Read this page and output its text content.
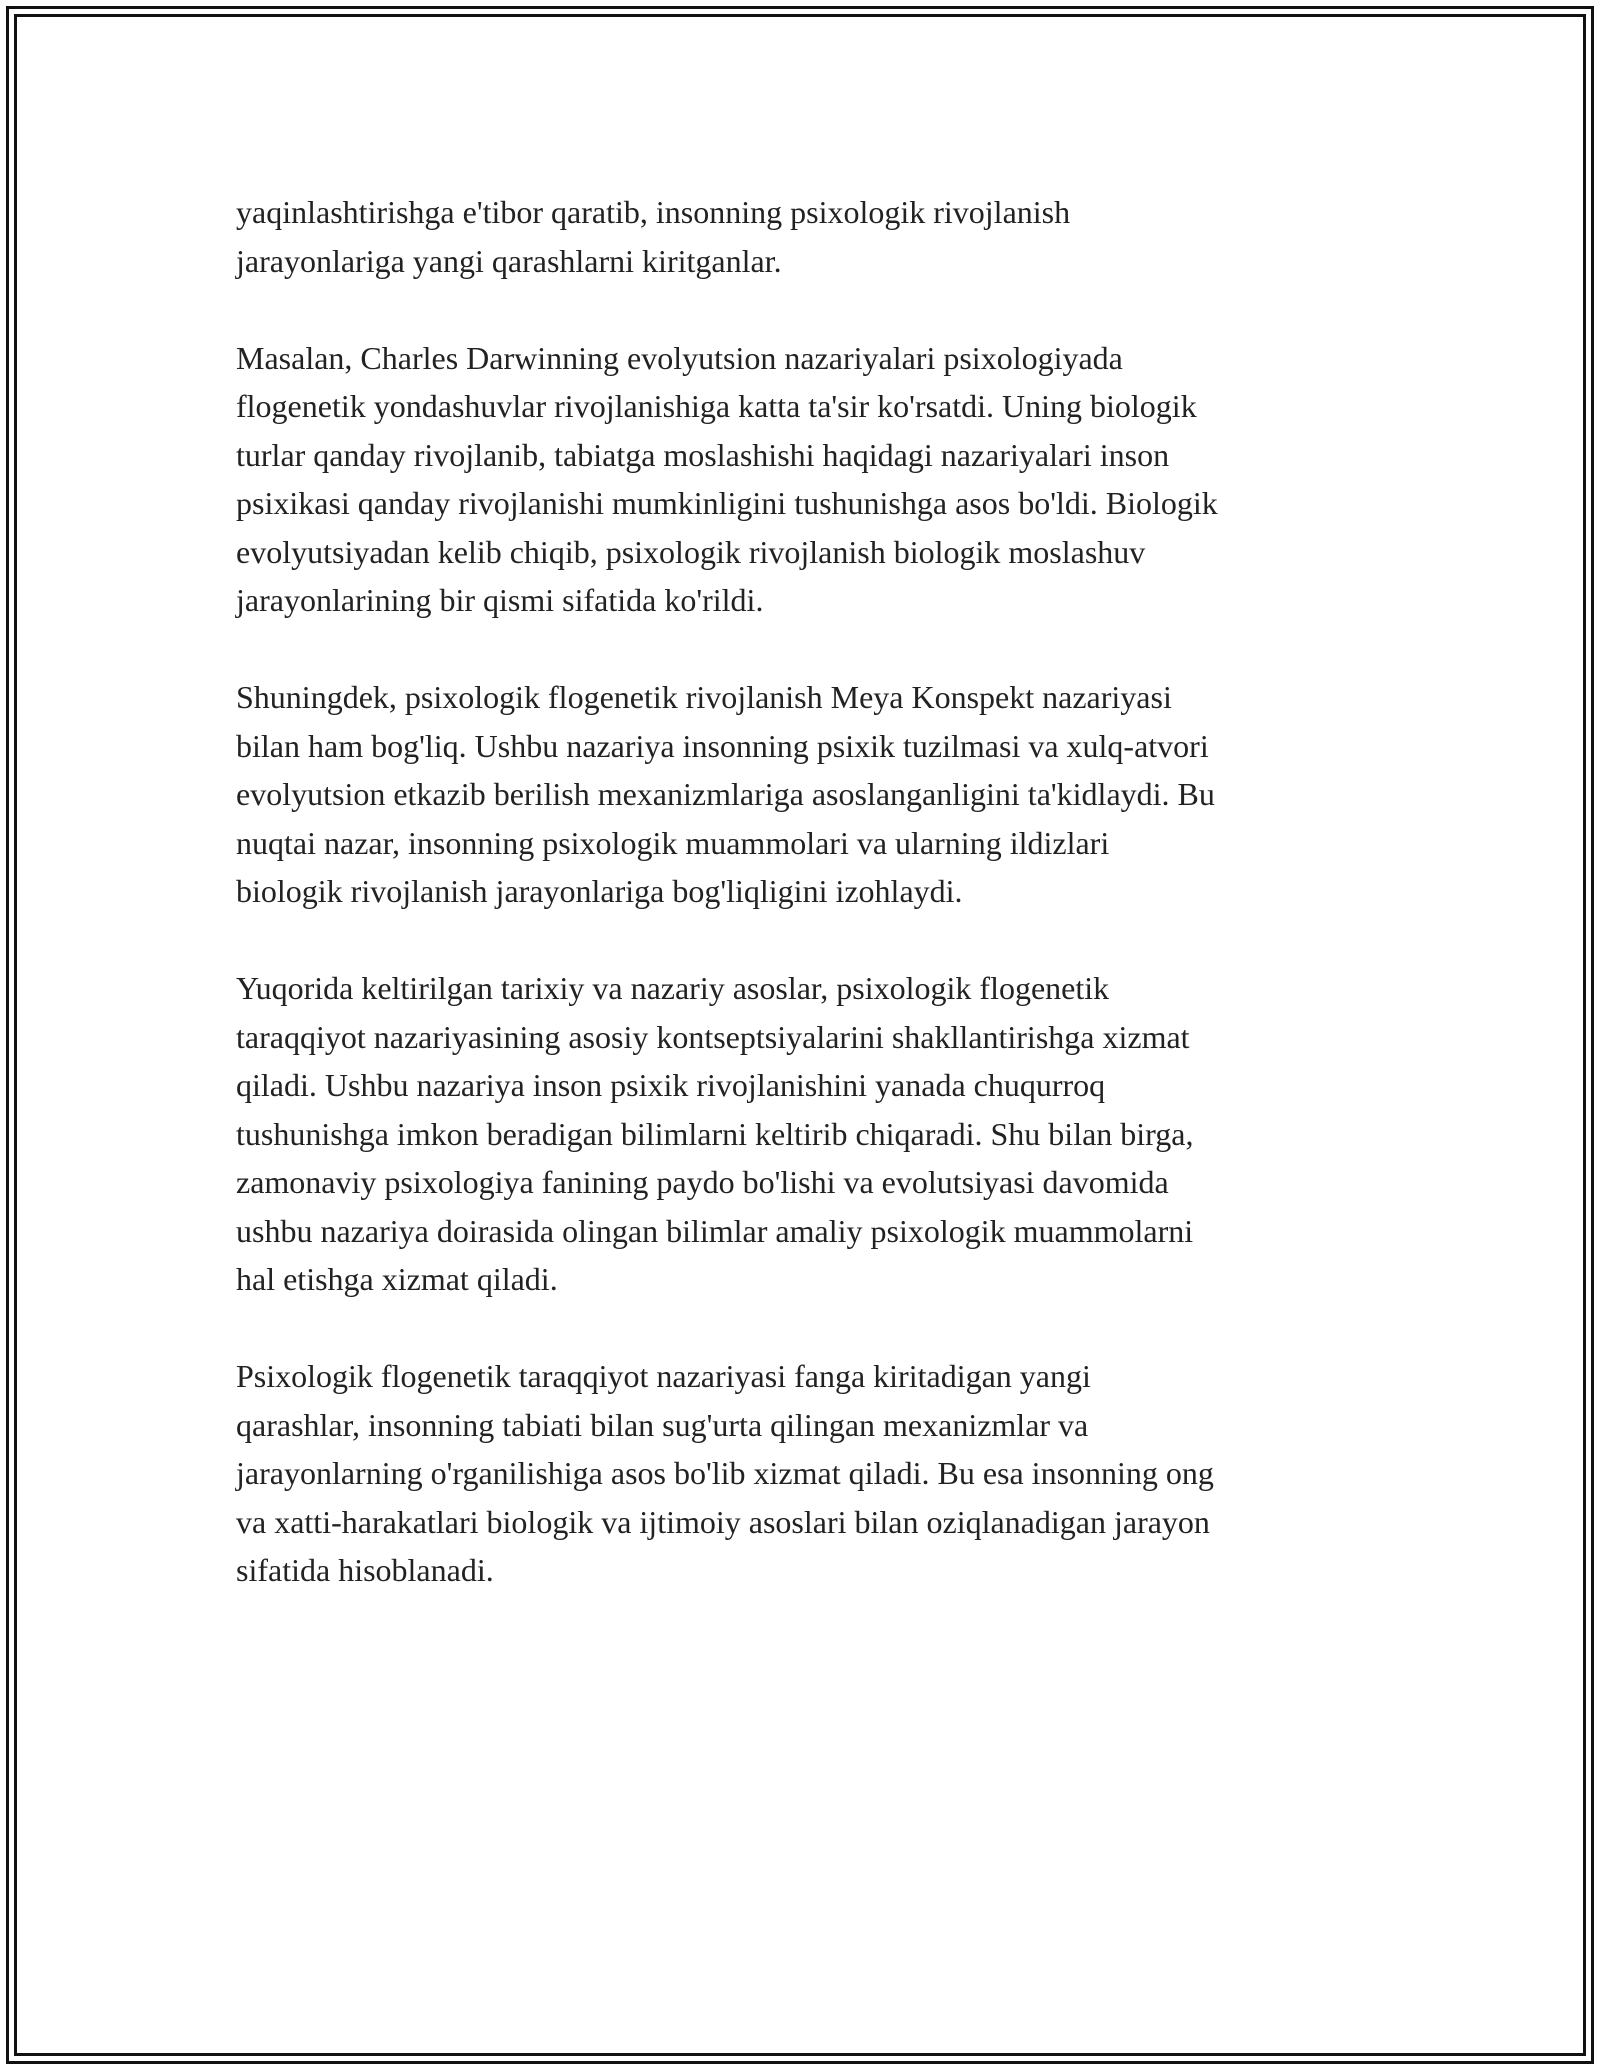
yaqinlashtirishga e'tibor qaratib, insonning psixologik rivojlanish
jarayonlariga yangi qarashlarni kiritganlar.

Masalan, Charles Darwinning evolyutsion nazariyalari psixologiyada
flogenetik yondashuvlar rivojlanishiga katta ta'sir ko'rsatdi. Uning biologik
turlar qanday rivojlanib, tabiatga moslashishi haqidagi nazariyalari inson
psixikasi qanday rivojlanishi mumkinligini tushunishga asos bo'ldi. Biologik
evolyutsiyadan kelib chiqib, psixologik rivojlanish biologik moslashuv
jarayonlarining bir qismi sifatida ko'rildi.

Shuningdek, psixologik flogenetik rivojlanish Meya Konspekt nazariyasi
bilan ham bog'liq. Ushbu nazariya insonning psixik tuzilmasi va xulq-atvori
evolyutsion etkazib berilish mexanizmlariga asoslanganligini ta'kidlaydi. Bu
nuqtai nazar, insonning psixologik muammolari va ularning ildizlari
biologik rivojlanish jarayonlariga bog'liqligini izohlaydi.

Yuqorida keltirilgan tarixiy va nazariy asoslar, psixologik flogenetik
taraqqiyot nazariyasining asosiy kontseptsiyalarini shakllantirishga xizmat
qiladi. Ushbu nazariya inson psixik rivojlanishini yanada chuqurroq
tushunishga imkon beradigan bilimlarni keltirib chiqaradi. Shu bilan birga,
zamonaviy psixologiya fanining paydo bo'lishi va evolutsiyasi davomida
ushbu nazariya doirasida olingan bilimlar amaliy psixologik muammolarni
hal etishga xizmat qiladi.

Psixologik flogenetik taraqqiyot nazariyasi fanga kiritadigan yangi
qarashlar, insonning tabiati bilan sug'urta qilingan mexanizmlar va
jarayonlarning o'rganilishiga asos bo'lib xizmat qiladi. Bu esa insonning ong
va xatti-harakatlari biologik va ijtimoiy asoslari bilan oziqlanadigan jarayon
sifatida hisoblanadi.
